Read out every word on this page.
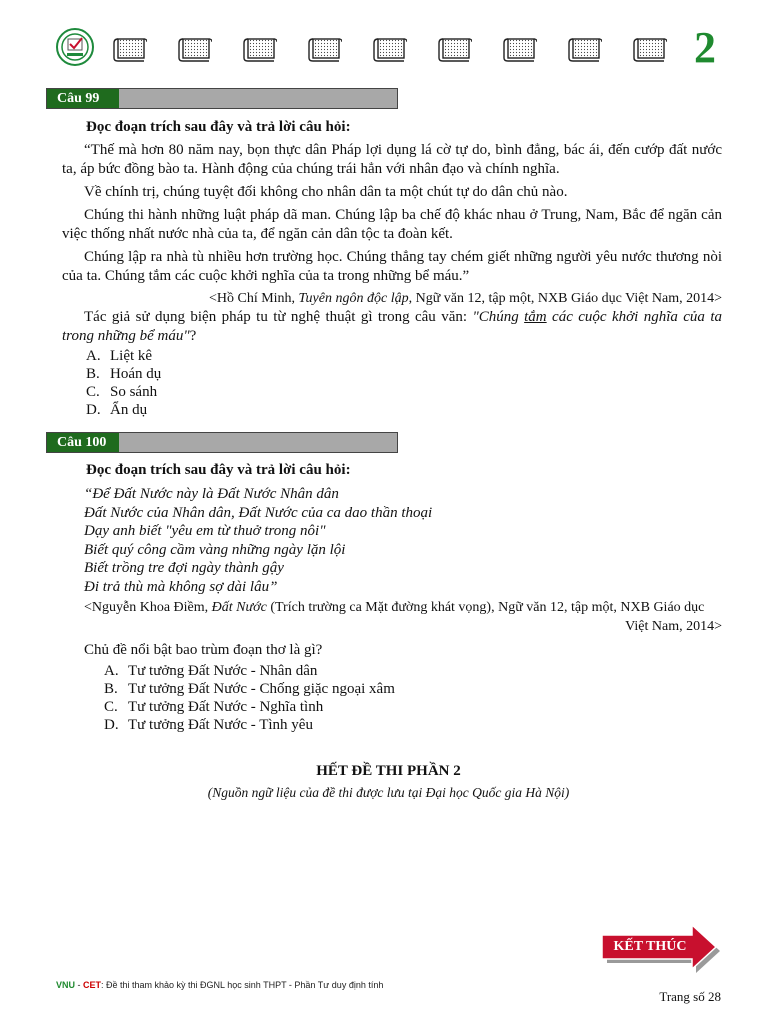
2
Câu 99
Đọc đoạn trích sau đây và trả lời câu hỏi:

“Thế mà hơn 80 năm nay, bọn thực dân Pháp lợi dụng lá cờ tự do, bình đẳng, bác ái, đến cướp đất nước ta, áp bức đồng bào ta. Hành động của chúng trái hẳn với nhân đạo và chính nghĩa.

Về chính trị, chúng tuyệt đối không cho nhân dân ta một chút tự do dân chủ nào.

Chúng thi hành những luật pháp dã man. Chúng lập ba chế độ khác nhau ở Trung, Nam, Bắc để ngăn cản việc thống nhất nước nhà của ta, để ngăn cản dân tộc ta đoàn kết.

Chúng lập ra nhà tù nhiều hơn trường học. Chúng thẳng tay chém giết những người yêu nước thương nòi của ta. Chúng tắm các cuộc khởi nghĩa của ta trong những bể máu.”

<Hồ Chí Minh, Tuyên ngôn độc lập, Ngữ văn 12, tập một, NXB Giáo dục Việt Nam, 2014>

Tác giả sử dụng biện pháp tu từ nghệ thuật gì trong câu văn: "Chúng tắm các cuộc khởi nghĩa của ta trong những bể máu"?

A. Liệt kê
B. Hoán dụ
C. So sánh
D. Ẩn dụ
Câu 100
Đọc đoạn trích sau đây và trả lời câu hỏi:
“Để Đất Nước này là Đất Nước Nhân dân
Đất Nước của Nhân dân, Đất Nước của ca dao thần thoại
Dạy anh biết "yêu em từ thuở trong nôi"
Biết quý công cầm vàng những ngày lặn lội
Biết trồng tre đợi ngày thành gậy
Đi trả thù mà không sợ dài lâu”
<Nguyễn Khoa Điềm, Đất Nước (Trích trường ca Mặt đường khát vọng), Ngữ văn 12, tập một, NXB Giáo dục
Việt Nam, 2014>
Chủ đề nổi bật bao trùm đoạn thơ là gì?
A. Tư tưởng Đất Nước - Nhân dân
B. Tư tưởng Đất Nước - Chống giặc ngoại xâm
C. Tư tưởng Đất Nước - Nghĩa tình
D. Tư tưởng Đất Nước - Tình yêu
HẾT ĐỀ THI PHẦN 2
(Nguồn ngữ liệu của đề thi được lưu tại Đại học Quốc gia Hà Nội)
KẾT THÚC
VNU - CET: Đề thi tham khảo kỳ thi ĐGNL học sinh THPT - Phần Tư duy định tính
Trang số 28
